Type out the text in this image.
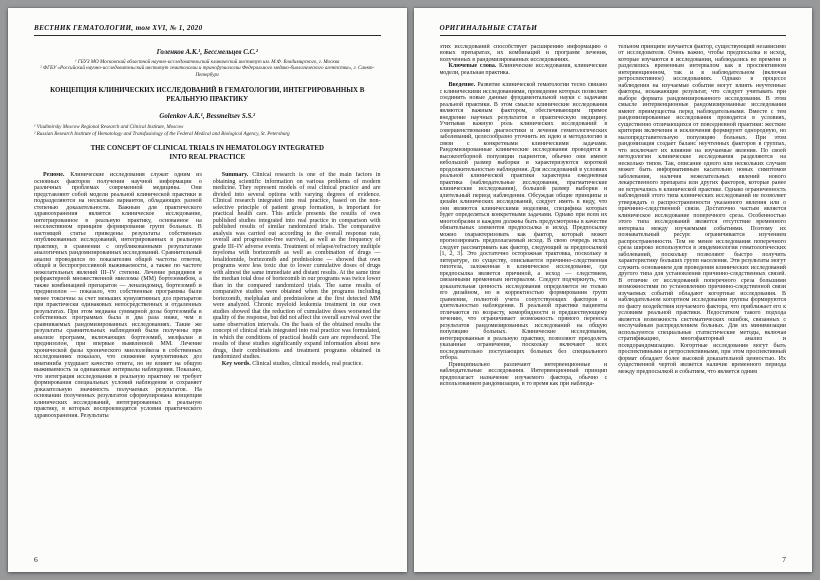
ВЕСТНИК ГЕМАТОЛОГИИ, том XVI, № 1, 2020
Голенков А.К.¹, Бессмельцев С.С.²
¹ ГБУЗ МО Московский областной научно-исследовательский клинический институт им. М.Ф. Владимирского, г. Москва
² ФГБУ «Российский научно-исследовательский институт гематологии и трансфузиологии Федерального медико-биологического агентства», г. Санкт-Петербург
КОНЦЕПЦИЯ КЛИНИЧЕСКИХ ИССЛЕДОВАНИЙ В ГЕМАТОЛОГИИ, ИНТЕГРИРОВАННЫХ В РЕАЛЬНУЮ ПРАКТИКУ
Golenkov A.K.¹, Bessmeltsev S.S.²
¹ Vladimirsky Moscow Regional Research and Clinical Institute, Moscow
² Russian Research Institute of Hematology and Transfusiology of the Federal Medical and Biological Agency, St. Petersburg
THE CONCEPT OF CLINICAL TRIALS IN HEMATOLOGY INTEGRATED INTO REAL PRACTICE

Резюме. Клинические исследования служат одним из основных факторов получения научной информации о различных проблемах современной медицины. Они представляют собой модели реальной клинической практики и подразделяются на несколько вариантов, обладающих разной степенью доказательности. Важным для практического здравоохранения является клиническое исследование, интегрированное в реальную практику, основанное на неселективном принципе формирования групп больных. В настоящей статье приведены результаты собственных опубликованных исследований, интегрированных в реальную практику, в сравнении с опубликованными результатами аналогичных рандомизированных исследований. Сравнительный анализ проводился по показателям общей частоты ответов, общей и беспрогрессивной выживаемости, а также по частоте нежелательных явлений III–IV степени. Лечение рецидивов и рефрактерной множественной миеломы (ММ) бортезомибом, а также комбинацией препаратов — леналидомид, бортезомиб и преднизолон — показало, что собственные программы были менее токсичны за счет меньших кумулятивных доз препаратов при практически одинаковых непосредственных и отдаленных результатах. При этом медиана суммарной дозы бортезомиба в собственных программах была в два раза ниже, чем в сравниваемых рандомизированных исследованиях. Такие же результаты сравнительных наблюдений были получены при анализе программ, включающих бортезомиб, мелфалан и преднизолон, при впервые выявленной ММ. Лечение хронической фазы хронического миелолейкоза в собственных исследованиях показало, что снижение кумулятивных доз иматиниба ухудшает качество ответа, но не влияет на общую выживаемость за одинаковые интервалы наблюдения. Показано, что интеграция исследования в реальную практику не требует формирования специальных условий наблюдения и сохраняет доказательную значимость получаемых результатов. На основании полученных результатов сформулирована концепция клинических исследований, интегрированных в реальную практику, в которых воспроизводятся условия практического здравоохранения. Результаты

Summary. Clinical research is one of the main factors in obtaining scientific information on various problems of modern medicine. They represent models of real clinical practice and are divided into several options with varying degrees of evidence. Clinical research integrated into real practice, based on the non-selective principle of patient group formation, is important for practical health care. This article presents the results of own published studies integrated into real practice in comparison with published results of similar randomized trials. The comparative analysis was carried out according to the overall response rate, overall and progression-free survival, as well as the frequency of grade III–IV adverse events. Treatment of relapse/refractory multiple myeloma with bortezomib as well as combination of drugs — lenalidomide, bortezomib and prednisolone — showed that own programs were less toxic due to lower cumulative doses of drugs with almost the same immediate and distant results. At the same time the median total dose of bortezomib in our programs was twice lower than in the compared randomized trials. The same results of comparative studies were obtained when the programs including bortezomib, melphalan and prednisolone at the first detected MM were analyzed. Chronic myeloid leukemia treatment in our own studies showed that the reduction of cumulative doses worsened the quality of the response, but did not affect the overall survival over the same observation intervals. On the basis of the obtained results the concept of clinical trials integrated into real practice was formulated, in which the conditions of practical health care are reproduced. The results of these studies significantly expand information about new drugs, their combinations and treatment programs obtained in randomized studies.

Key words. Clinical studies, clinical models, real practice.

6
ОРИГИНАЛЬНЫЕ СТАТЬИ

этих исследований способствует расширению информацию о новых препаратах, их комбинаций и программ лечения, полученных в рандомизированных исследованиях.

Ключевые слова. Клинические исследования, клинические модели, реальная практика.

Введение. Развитие клинической гематологии тесно связано с клиническими исследованиями, проведение которых позволяет соединить новые данные фундаментальной науки с задачами реальной практики. В этом смысле клинические исследования являются важным фактором, обеспечивающим прямое внедрение научных результатов в практическую медицину. Учитывая важную роль клинических исследований в совершенствовании диагностики и лечения гематологических заболеваний, целесообразно уточнить их идею и методологию в связи с конкретными клиническими задачами. Рандомизированные клинические исследования проводятся в высокоотборной популяции пациентов, обычно они имеют небольшой размер выборки и характеризуются короткой продолжительностью наблюдения. Для исследований в условиях реальной клинической практики характерна ежедневная практика (наблюдательные исследования, прагматические клинические исследования), большой размер выборки и длительный период наблюдения. Обсуждая общие принципы и дизайн клинических исследований, следует иметь в виду, что они являются клиническими моделями, специфика которых будет определяться конкретными задачами. Однако при всем их многообразии в каждом должны быть предусмотрены в качестве обязательных элементов предпосылка и исход. Предпосылку можно охарактеризовать как фактор, который может прогнозировать предполагаемый исход. В свою очередь исход следует рассматривать как фактор, следующий за предпосылкой [1, 2, 3]. Это достаточно осторожная трактовка, поскольку в литературе, по существу, описывается причинно-следственная гипотеза, заложенная в клиническое исследование, где предпосылка является причиной, а исход — следствием, связанными временным интервалом. Следует подчеркнуть, что доказательная ценность исследования определяется не только его дизайном, но и корректностью формирования групп сравнения, полнотой учета сопутствующих факторов и длительностью наблюдения. В реальной практике пациенты отличаются по возрасту, коморбидности и предшествующему лечению, что ограничивает возможность прямого переноса результатов рандомизированных исследований на общую популяцию больных. Клинические исследования, интегрированные в реальную практику, позволяют преодолеть указанные ограничения, поскольку включают всех последовательно поступающих больных без специального отбора.

Принципиально различают интервенционные и наблюдательные исследования. Интервенционный принцип предполагает назначение изучаемого фактора, обычно с использованием рандомизации, в то время как при наблюда-

тельном принципе изучается фактор, существующий независимо от исследователя. Очень важно, чтобы предпосылка и исход, которые изучаются в исследовании, наблюдались во времени и разделялись временным интервалом как в проспективном интервенционном, так и в наблюдательном (включая ретроспективное) исследованиях. Однако в процессе наблюдения на изучаемые события могут влиять неучтенные факторы, искажающие результат, что следует учитывать при выборе формата рандомизированного исследования. В этом смысле интервенционные рандомизированные исследования имеют преимущества перед наблюдательными. Вместе с тем рандомизированные исследования проводятся в условиях, существенно отличающихся от повседневной практики: жесткие критерии включения и исключения формируют однородную, но малопредставительную популяцию больных. При этом рандомизация создает баланс неучтенных факторов в группах, что исключает их влияние на изучаемые явления. По своей методологии клинические исследования разделяются на несколько типов. Так, описание одного или нескольких случаев может быть информативным касательно новых симптомов заболевания, наличия нежелательных явлений нового лекарственного препарата или других факторов, которые ранее не встречались в клинической практике. Однако ограниченность наблюдений этого типа клинических исследований не позволяет утверждать о распространенности указанного явления или о причинно-следственной связи. Достаточно частым является клиническое исследование поперечного среза. Особенностью этого типа исследований является отсутствие временного интервала между изучаемыми событиями. Поэтому их познавательный ресурс ограничивается изучением распространенности. Тем не менее исследования поперечного среза широко используются в эпидемиологии гематологических заболеваний, поскольку позволяют быстро получить характеристику больших групп населения. Эти результаты могут служить основанием для проведения клинических исследований другого типа для установления причинно-следственных связей. В отличие от исследований поперечного среза большими возможностями по установлению причинно-следственной связи изучаемых событий обладают когортные исследования. В наблюдательном когортном исследовании группы формируются по факту воздействия изучаемого фактора, что приближает его к условиям реальной практики. Недостатком такого подхода является возможность систематических ошибок, связанных с неслучайным распределением больных. Для их минимизации используются специальные статистические методы, включая стратификацию, многофакторный анализ и псевдорандомизацию. Когортные исследования могут быть проспективными и ретроспективными, при этом проспективный формат обладает более высокой доказательной ценностью. Их существенной чертой является наличие временного периода между предпосылкой и событием, что является одним

7
